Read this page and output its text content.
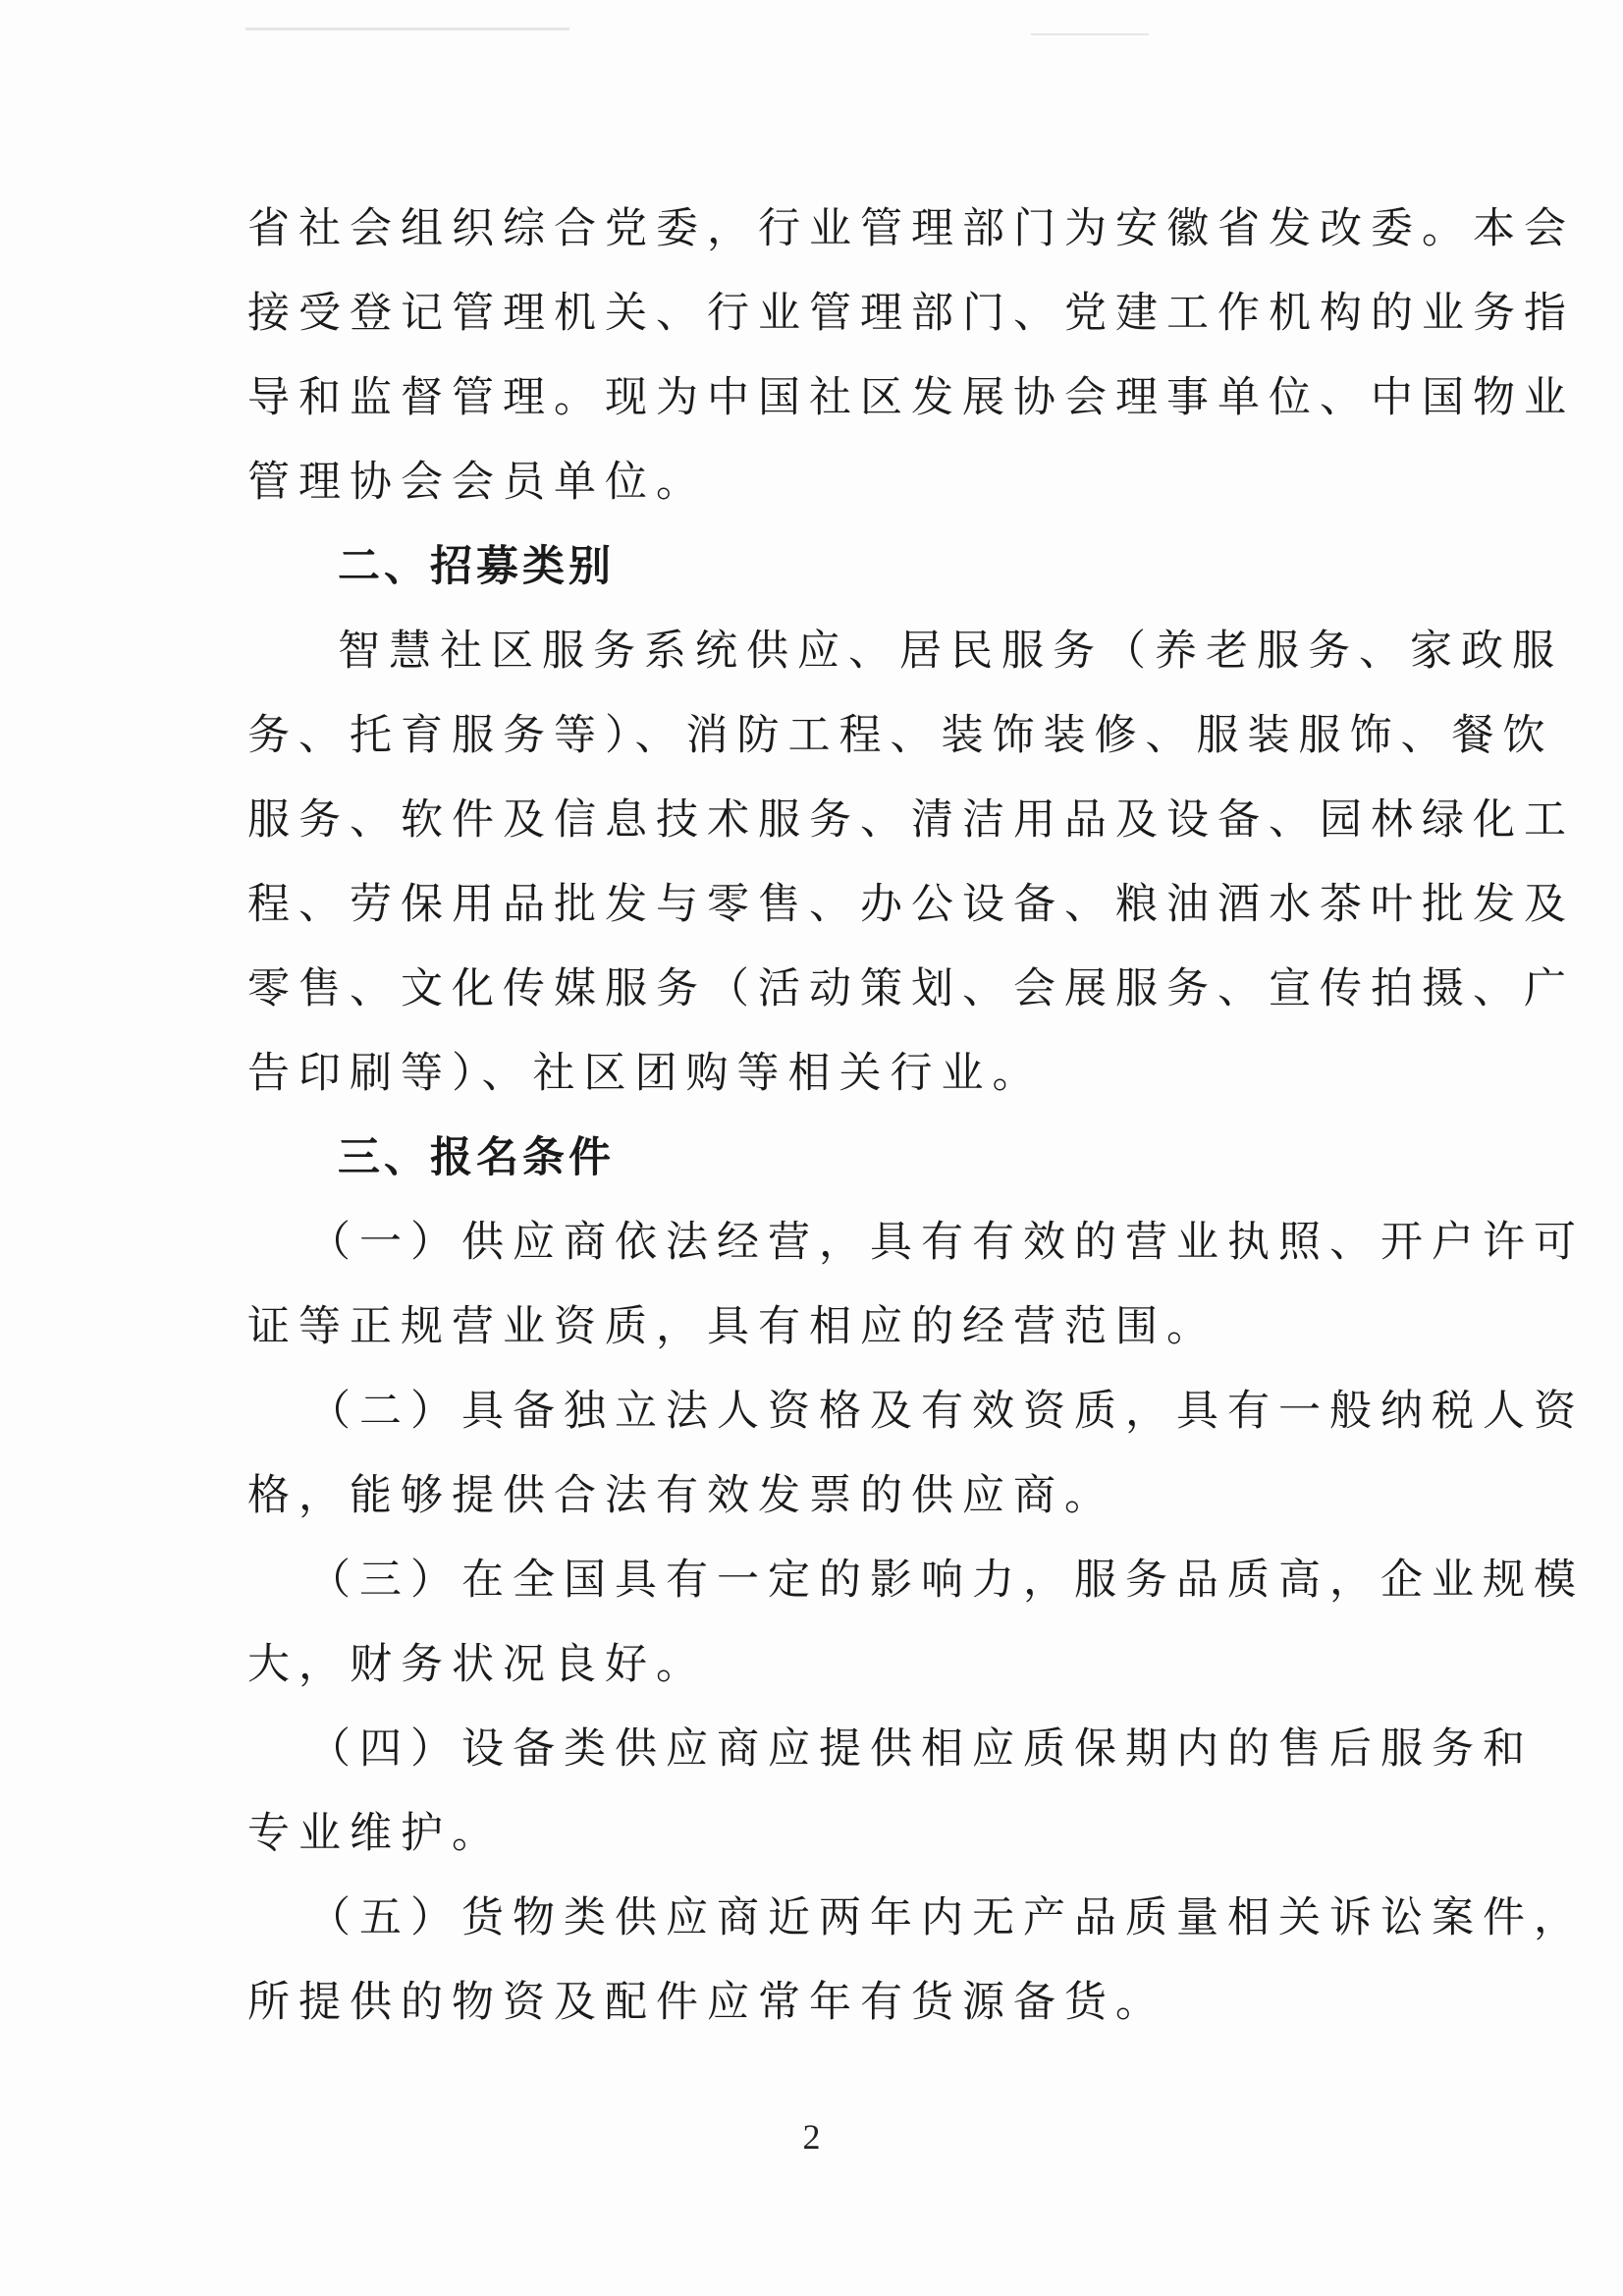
省社会组织综合党委，行业管理部门为安徽省发改委。本会

接受登记管理机关、行业管理部门、党建工作机构的业务指

导和监督管理。现为中国社区发展协会理事单位、中国物业

管理协会会员单位。

二、招募类别

智慧社区服务系统供应、居民服务（养老服务、家政服

务、托育服务等）、消防工程、装饰装修、服装服饰、餐饮

服务、软件及信息技术服务、清洁用品及设备、园林绿化工

程、劳保用品批发与零售、办公设备、粮油酒水茶叶批发及

零售、文化传媒服务（活动策划、会展服务、宣传拍摄、广

告印刷等）、社区团购等相关行业。

三、报名条件

（一）供应商依法经营，具有有效的营业执照、开户许可

证等正规营业资质，具有相应的经营范围。

（二）具备独立法人资格及有效资质，具有一般纳税人资

格，能够提供合法有效发票的供应商。

（三）在全国具有一定的影响力，服务品质高，企业规模

大，财务状况良好。

（四）设备类供应商应提供相应质保期内的售后服务和

专业维护。

（五）货物类供应商近两年内无产品质量相关诉讼案件，

所提供的物资及配件应常年有货源备货。

2
